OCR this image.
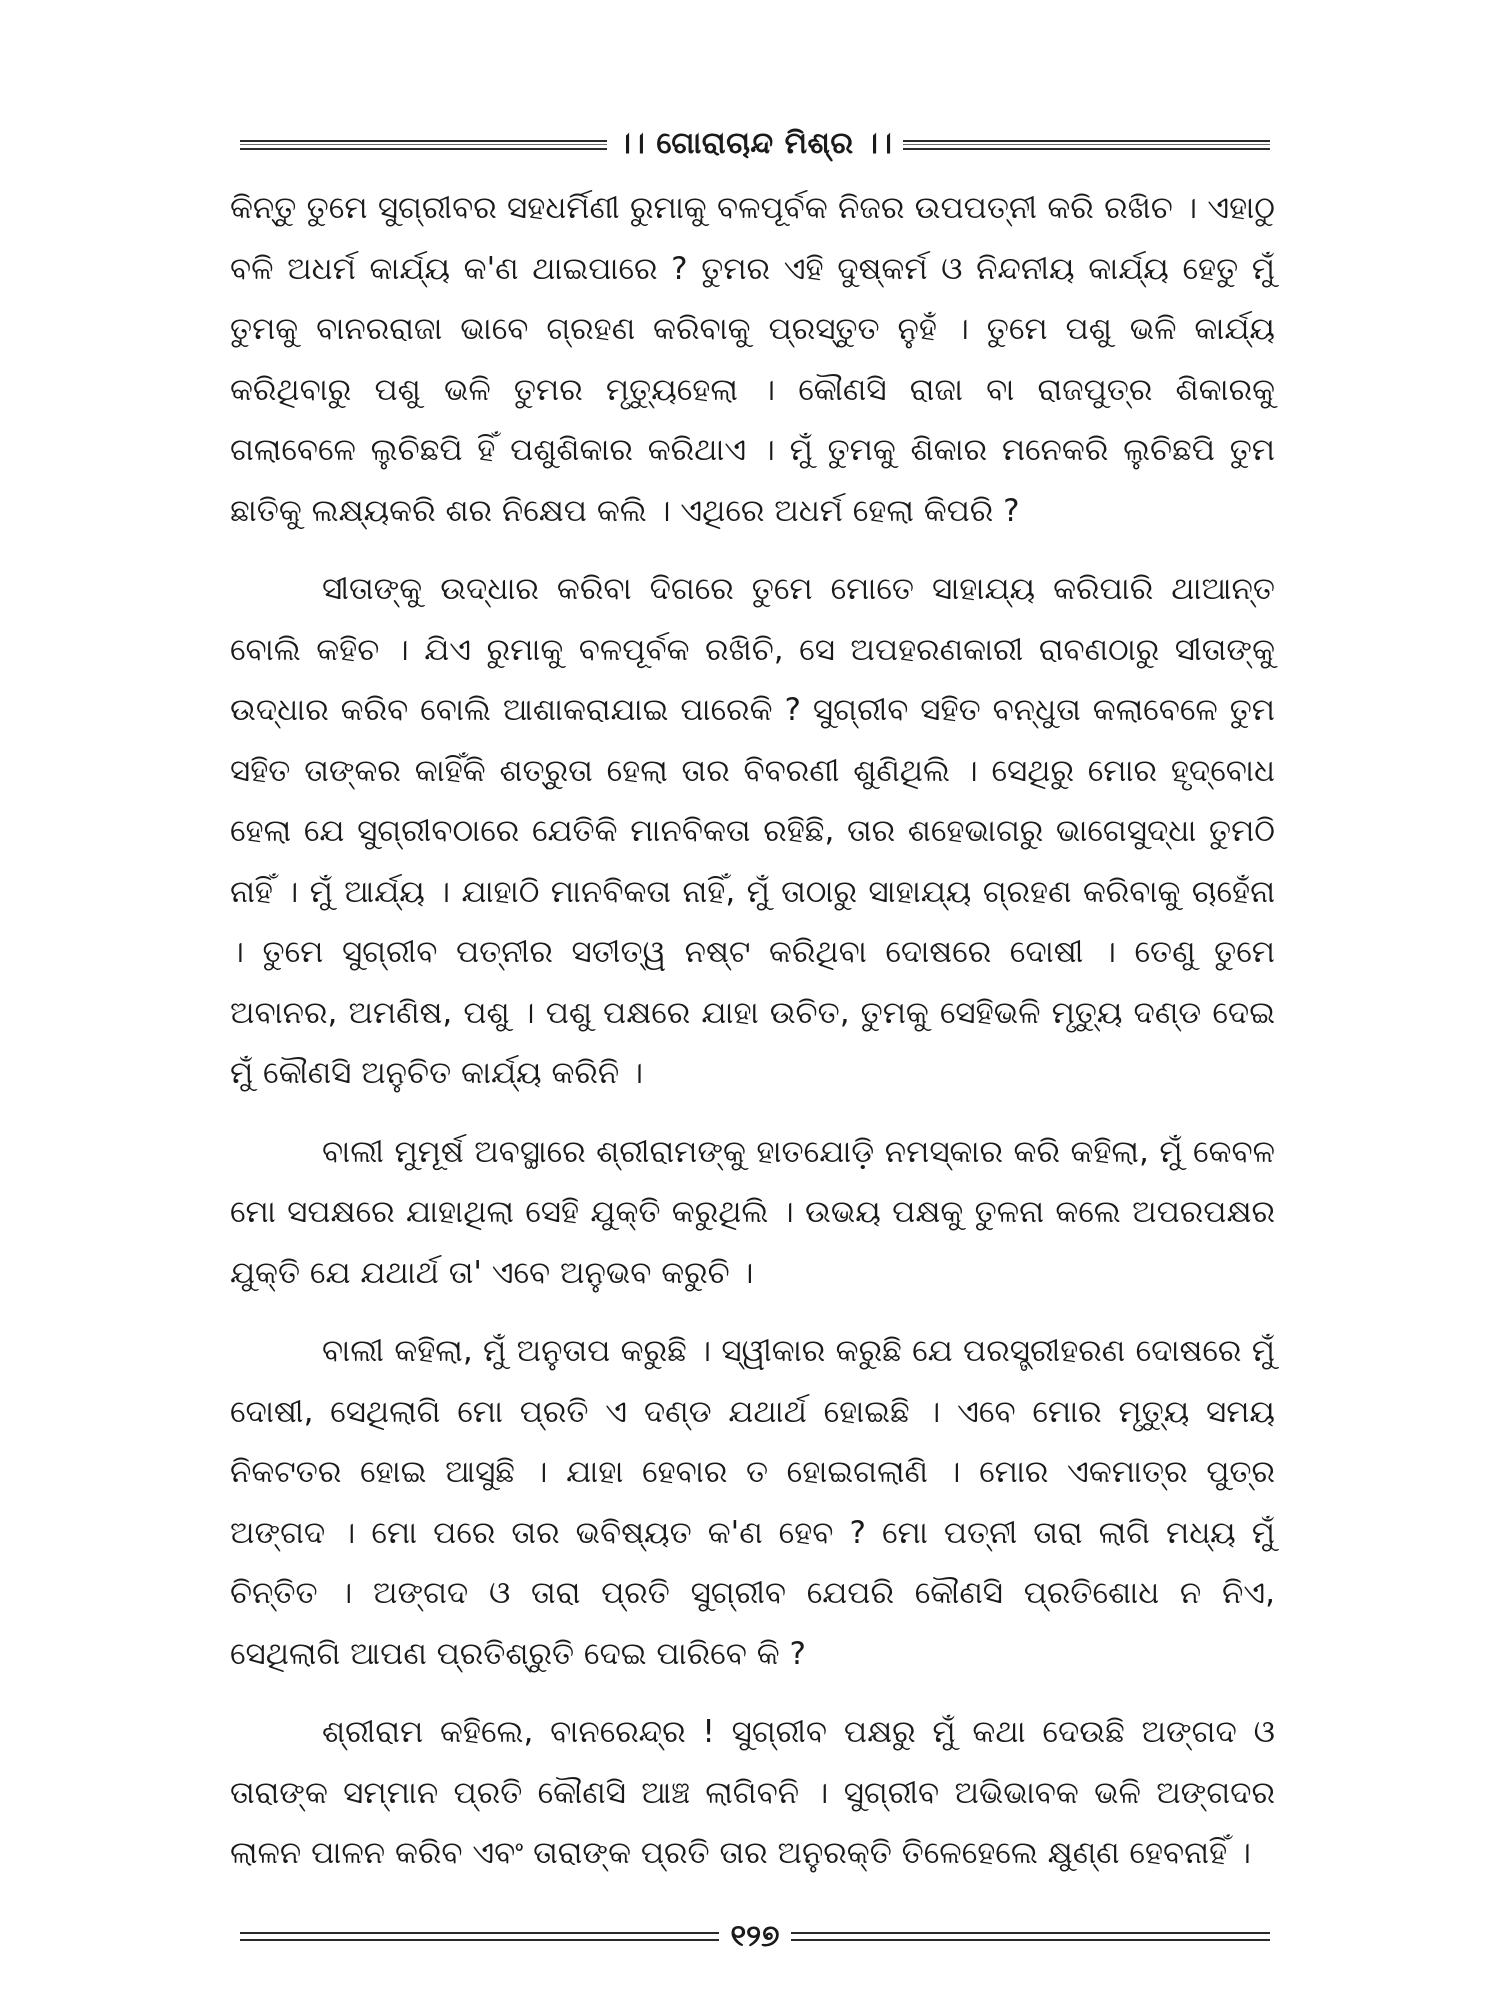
।। ଗୋରାଚାନ୍ଦ ମିଶ୍ର ।।

କିନ୍ତୁ ତୁମେ ସୁଗ୍ରୀବର ସହଧର୍ମିଣୀ ରୁମାକୁ ବଳପୂର୍ବକ ନିଜର ଉପପତ୍ନୀ କରି ରଖିଚ । ଏହାଠୁ ବଳି ଅଧର୍ମ କାର୍ଯ୍ୟ କ'ଣ ଥାଇପାରେ ? ତୁମର ଏହି ଦୁଷ୍କର୍ମ ଓ ନିନ୍ଦନୀୟ କାର୍ଯ୍ୟ ହେତୁ ମୁଁ ତୁମକୁ ବାନରରାଜା ଭାବେ ଗ୍ରହଣ କରିବାକୁ ପ୍ରସ୍ତୁତ ନୁହଁ । ତୁମେ ପଶୁ ଭଳି କାର୍ଯ୍ୟ କରିଥିବାରୁ ପଶୁ ଭଳି ତୁମର ମୃତ୍ୟୁହେଲା । କୌଣସି ରାଜା ବା ରାଜପୁତ୍ର ଶିକାରକୁ ଗଲାବେଳେ ଲୁଚିଛପି ହିଁ ପଶୁଶିକାର କରିଥାଏ । ମୁଁ ତୁମକୁ ଶିକାର ମନେକରି ଲୁଚିଛପି ତୁମ ଛାତିକୁ ଲକ୍ଷ୍ୟକରି ଶର ନିକ୍ଷେପ କଲି । ଏଥିରେ ଅଧର୍ମ ହେଲା କିପରି ?

ସୀତାଙ୍କୁ ଉଦ୍ଧାର କରିବା ଦିଗରେ ତୁମେ ମୋତେ ସାହାଯ୍ୟ କରିପାରି ଥାଆନ୍ତ ବୋଲି କହିଚ । ଯିଏ ରୁମାକୁ ବଳପୂର୍ବକ ରଖିଚି, ସେ ଅପହରଣକାରୀ ରାବଣଠାରୁ ସୀତାଙ୍କୁ ଉଦ୍ଧାର କରିବ ବୋଲି ଆଶାକରାଯାଇ ପାରେକି ? ସୁଗ୍ରୀବ ସହିତ ବନ୍ଧୁତା କଲାବେଳେ ତୁମ ସହିତ ତାଙ୍କର କାହିଁକି ଶତ୍ରୁତା ହେଲା ତାର ବିବରଣୀ ଶୁଣିଥିଲି । ସେଥିରୁ ମୋର ହୃଦ୍‌ବୋଧ ହେଲା ଯେ ସୁଗ୍ରୀବଠାରେ ଯେତିକି ମାନବିକତା ରହିଛି, ତାର ଶହେଭାଗରୁ ଭାଗେସୁଦ୍ଧା ତୁମଠି ନାହିଁ । ମୁଁ ଆର୍ଯ୍ୟ । ଯାହାଠି ମାନବିକତା ନାହିଁ, ମୁଁ ତାଠାରୁ ସାହାଯ୍ୟ ଗ୍ରହଣ କରିବାକୁ ଚାହେଁନା । ତୁମେ ସୁଗ୍ରୀବ ପତ୍ନୀର ସତୀତ୍ୱ ନଷ୍ଟ କରିଥିବା ଦୋଷରେ ଦୋଷୀ । ତେଣୁ ତୁମେ ଅବାନର, ଅମଣିଷ, ପଶୁ । ପଶୁ ପକ୍ଷରେ ଯାହା ଉଚିତ, ତୁମକୁ ସେହିଭଳି ମୃତ୍ୟୁ ଦଣ୍ଡ ଦେଇ ମୁଁ କୌଣସି ଅନୁଚିତ କାର୍ଯ୍ୟ କରିନି ।

ବାଲୀ ମୁମୂର୍ଷ ଅବସ୍ଥାରେ ଶ୍ରୀରାମଙ୍କୁ ହାତଯୋଡ଼ି ନମସ୍କାର କରି କହିଲା, ମୁଁ କେବଳ ମୋ ସପକ୍ଷରେ ଯାହାଥିଲା ସେହି ଯୁକ୍ତି କରୁଥିଲି । ଉଭୟ ପକ୍ଷକୁ ତୁଳନା କଲେ ଅପରପକ୍ଷର ଯୁକ୍ତି ଯେ ଯଥାର୍ଥ ତା' ଏବେ ଅନୁଭବ କରୁଚି ।

ବାଲୀ କହିଲା, ମୁଁ ଅନୁତାପ କରୁଛି । ସ୍ୱୀକାର କରୁଛି ଯେ ପରସ୍ତ୍ରୀହରଣ ଦୋଷରେ ମୁଁ ଦୋଷୀ, ସେଥିଲାଗି ମୋ ପ୍ରତି ଏ ଦଣ୍ଡ ଯଥାର୍ଥ ହୋଇଛି । ଏବେ ମୋର ମୃତ୍ୟୁ ସମୟ ନିକଟତର ହୋଇ ଆସୁଛି । ଯାହା ହେବାର ତ ହୋଇଗଲାଣି । ମୋର ଏକମାତ୍ର ପୁତ୍ର ଅଙ୍ଗଦ । ମୋ ପରେ ତାର ଭବିଷ୍ୟତ କ'ଣ ହେବ ? ମୋ ପତ୍ନୀ ତାରା ଲାଗି ମଧ୍ୟ ମୁଁ ଚିନ୍ତିତ । ଅଙ୍ଗଦ ଓ ତାରା ପ୍ରତି ସୁଗ୍ରୀବ ଯେପରି କୌଣସି ପ୍ରତିଶୋଧ ନ ନିଏ, ସେଥିଲାଗି ଆପଣ ପ୍ରତିଶ୍ରୁତି ଦେଇ ପାରିବେ କି ?

ଶ୍ରୀରାମ କହିଲେ, ବାନରେନ୍ଦ୍ର ! ସୁଗ୍ରୀବ ପକ୍ଷରୁ ମୁଁ କଥା ଦେଉଛି ଅଙ୍ଗଦ ଓ ତାରାଙ୍କ ସମ୍ମାନ ପ୍ରତି କୌଣସି ଆଞ୍ଚ ଲାଗିବନି । ସୁଗ୍ରୀବ ଅଭିଭାବକ ଭଳି ଅଙ୍ଗଦର ଲାଳନ ପାଳନ କରିବ ଏବଂ ତାରାଙ୍କ ପ୍ରତି ତାର ଅନୁରକ୍ତି ତିଳେହେଲେ କ୍ଷୁଣ୍ଣ ହେବନାହିଁ ।

୧୨୭
